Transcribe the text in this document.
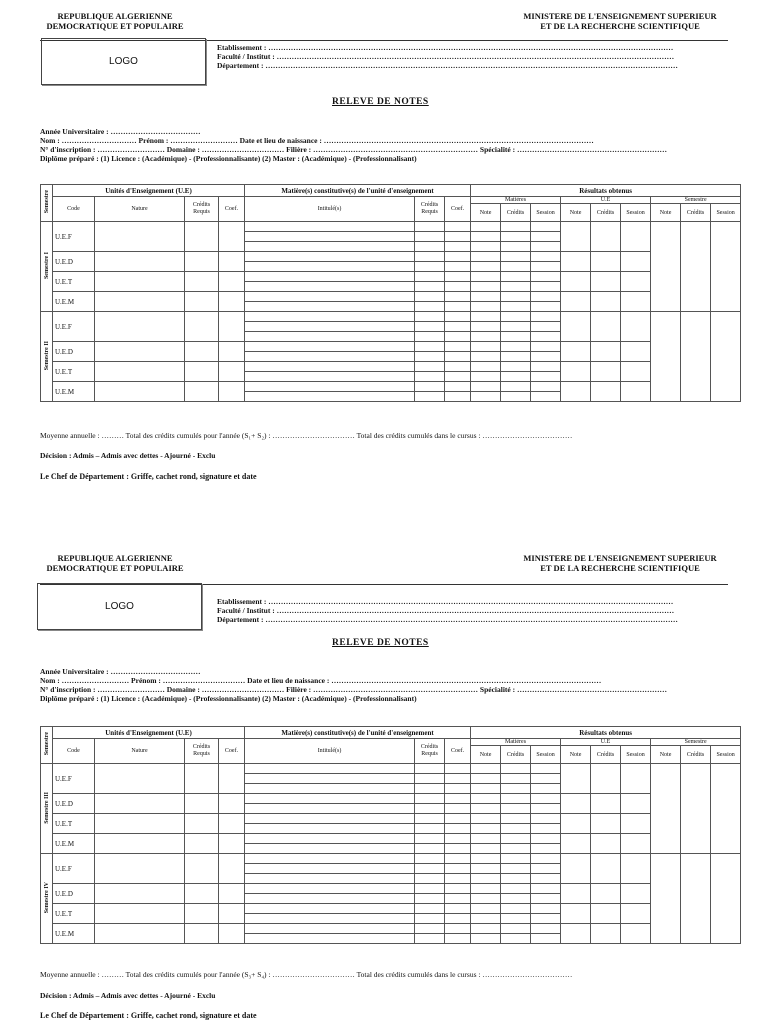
REPUBLIQUE ALGERIENNE
DEMOCRATIQUE ET POPULAIRE
MINISTERE DE L'ENSEIGNEMENT SUPERIEUR
ET DE LA RECHERCHE SCIENTIFIQUE
LOGO
Etablissement : ………………………………………………………………………………………………………………………………………………
Faculté / Institut : ……………………………………………………………………………………………………………………………………………
Département : …………………………………………………………………………………………………………………………………………………
RELEVE DE NOTES
Année Universitaire : ………………………………
Nom : ………………………… Prénom : ……………………… Date et lieu de naissance : ………………………………………………………………………………………………
N° d'inscription : ……………………… Domaine : …………………………… Filière : ………………………………………………………… Spécialité : ……………………………………………………
Diplôme préparé : (1) Licence : (Académique) - (Professionnalisante) (2) Master : (Académique) - (Professionnalisant)
Semestre	Unités d'Enseignement (U.E)				Matière(s) constitutive(s) de l'unité d'enseignement			Résultats obtenus								
	Code	Nature	Crédits Requis	Coef.	Intitulé(s)	Crédits Requis	Coef.	Matières			U.E			Semestre		
								Note	Crédits	Session	Note	Crédits	Session	Note	Crédits	Session
Semestre I	U.E.F				

	U.E.D							

	U.E.T							

	U.E.M							

Semestre II	U.E.F				

	U.E.D							

	U.E.T							

	U.E.M							

Moyenne annuelle : ……… Total des crédits cumulés pour l'année (S₁+ S₂) : …………………………… Total des crédits cumulés dans le cursus : ………………………………
Décision : Admis – Admis avec dettes - Ajourné - Exclu
Le Chef de Département : Griffe, cachet rond, signature et date
REPUBLIQUE ALGERIENNE
DEMOCRATIQUE ET POPULAIRE
MINISTERE DE L'ENSEIGNEMENT SUPERIEUR
ET DE LA RECHERCHE SCIENTIFIQUE
LOGO	Etablissement : ………………………………………………………………………………………………………………………………………………
Faculté / Institut : ……………………………………………………………………………………………………………………………………………
Département : …………………………………………………………………………………………………………………………………………………
RELEVE DE NOTES
Année Universitaire : ………………………………
Nom : ……………………… Prénom : …………………………… Date et lieu de naissance : ………………………………………………………………………………………………
N° d'inscription : ……………………… Domaine : …………………………… Filière : ………………………………………………………… Spécialité : ……………………………………………………
Diplôme préparé : (1) Licence : (Académique) - (Professionnalisante) (2) Master : (Académique) - (Professionnalisant)
Semestre	Unités d'Enseignement (U.E)				Matière(s) constitutive(s) de l'unité d'enseignement			Résultats obtenus								
	Code	Nature	Crédits Requis	Coef.	Intitulé(s)	Crédits Requis	Coef.	Matières			U.E			Semestre		
								Note	Crédits	Session	Note	Crédits	Session	Note	Crédits	Session
Semestre III	U.E.F				

	U.E.D							

	U.E.T							

	U.E.M							

Semestre IV	U.E.F				

	U.E.D							

	U.E.T							

	U.E.M							

Moyenne annuelle : ……… Total des crédits cumulés pour l'année (S₃+ S₄) : …………………………… Total des crédits cumulés dans le cursus : ………………………………
Décision : Admis – Admis avec dettes - Ajourné - Exclu
Le Chef de Département : Griffe, cachet rond, signature et date
